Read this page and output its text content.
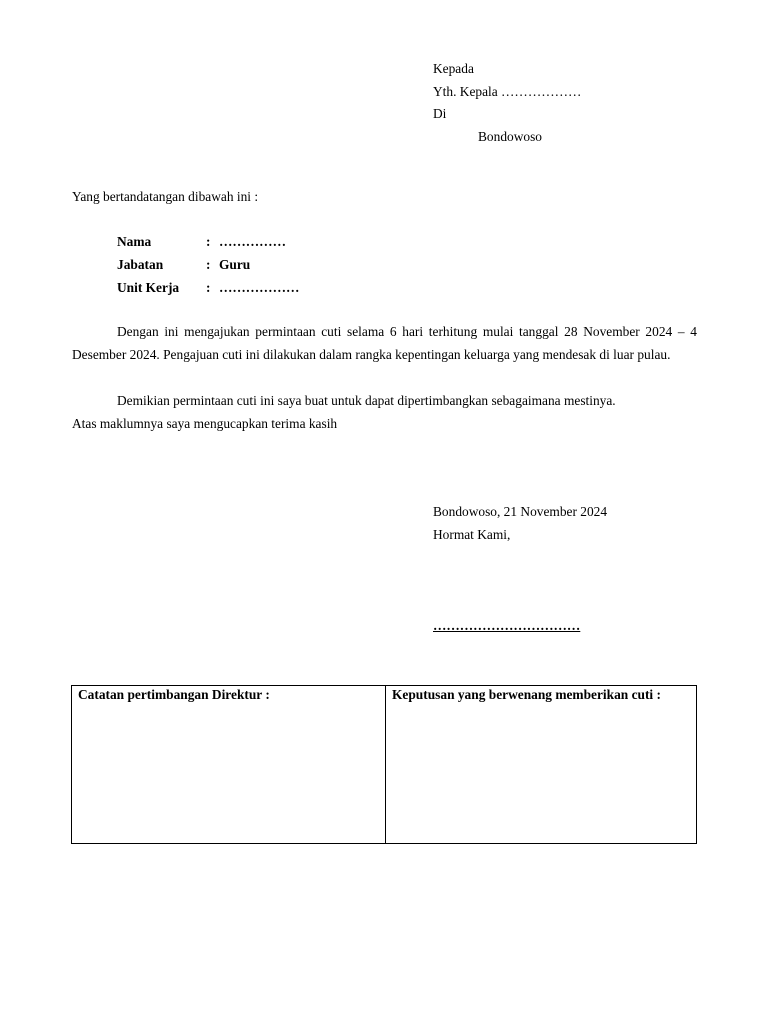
Kepada
Yth. Kepala ………………
Di
Bondowoso
Yang bertandatangan dibawah ini :
Nama	: ……………
Jabatan	: Guru
Unit Kerja : ………………
Dengan ini mengajukan permintaan cuti selama 6 hari terhitung mulai tanggal 28 November 2024 – 4 Desember 2024. Pengajuan cuti ini dilakukan dalam rangka kepentingan keluarga yang mendesak di luar pulau.
Demikian permintaan cuti ini saya buat untuk dapat dipertimbangkan sebagaimana mestinya.
Atas maklumnya saya mengucapkan terima kasih
Bondowoso, 21 November 2024
Hormat Kami,
……………………………
Catatan pertimbangan Direktur :	Keputusan yang berwenang memberikan cuti :
